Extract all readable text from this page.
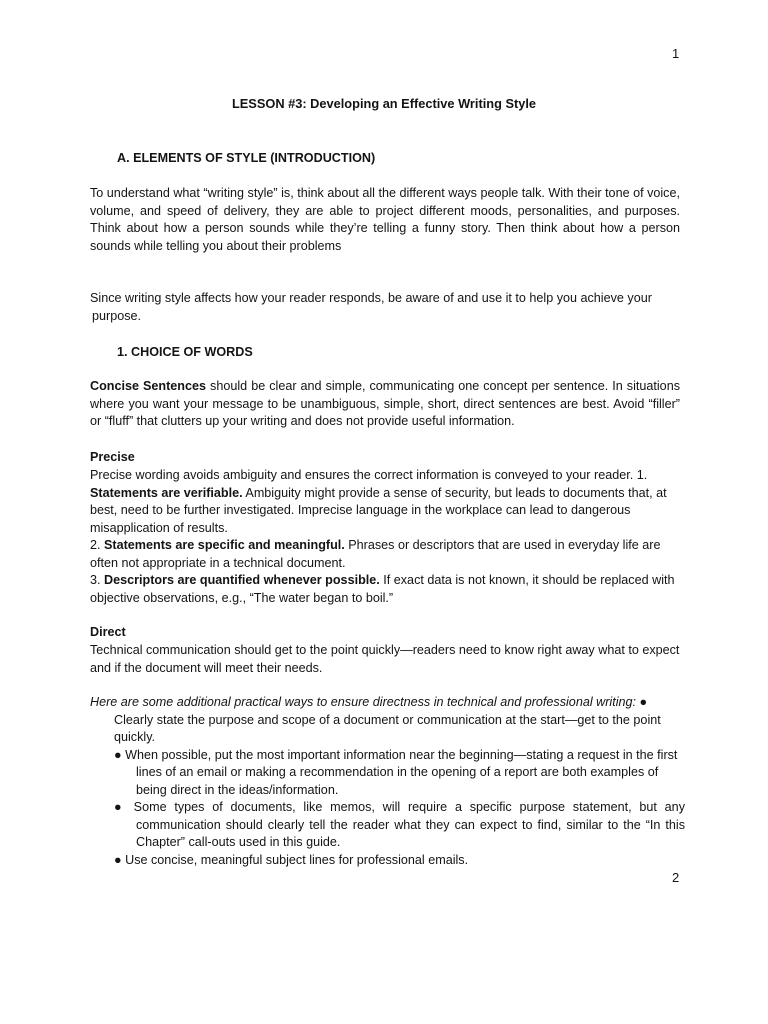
1
LESSON #3: Developing an Effective Writing Style
A. ELEMENTS OF STYLE (INTRODUCTION)
To understand what “writing style” is, think about all the different ways people talk. With their tone of voice, volume, and speed of delivery, they are able to project different moods, personalities, and purposes. Think about how a person sounds while they’re telling a funny story. Then think about how a person sounds while telling you about their problems
Since writing style affects how your reader responds, be aware of and use it to help you achieve your
purpose.
1. CHOICE OF WORDS
Concise Sentences should be clear and simple, communicating one concept per sentence. In situations where you want your message to be unambiguous, simple, short, direct sentences are best. Avoid “filler” or “fluff” that clutters up your writing and does not provide useful information.
Precise
Precise wording avoids ambiguity and ensures the correct information is conveyed to your reader. 1. Statements are verifiable. Ambiguity might provide a sense of security, but leads to documents that, at best, need to be further investigated. Imprecise language in the workplace can lead to dangerous misapplication of results.
2. Statements are specific and meaningful. Phrases or descriptors that are used in everyday life are often not appropriate in a technical document.
3. Descriptors are quantified whenever possible. If exact data is not known, it should be replaced with objective observations, e.g., “The water began to boil.”
Direct
Technical communication should get to the point quickly—readers need to know right away what to expect and if the document will meet their needs.
Here are some additional practical ways to ensure directness in technical and professional writing: ●
Clearly state the purpose and scope of a document or communication at the start—get to the point quickly.
● When possible, put the most important information near the beginning—stating a request in the first lines of an email or making a recommendation in the opening of a report are both examples of being direct in the ideas/information.
● Some types of documents, like memos, will require a specific purpose statement, but any communication should clearly tell the reader what they can expect to find, similar to the “In this Chapter” call-outs used in this guide.
● Use concise, meaningful subject lines for professional emails.
2
